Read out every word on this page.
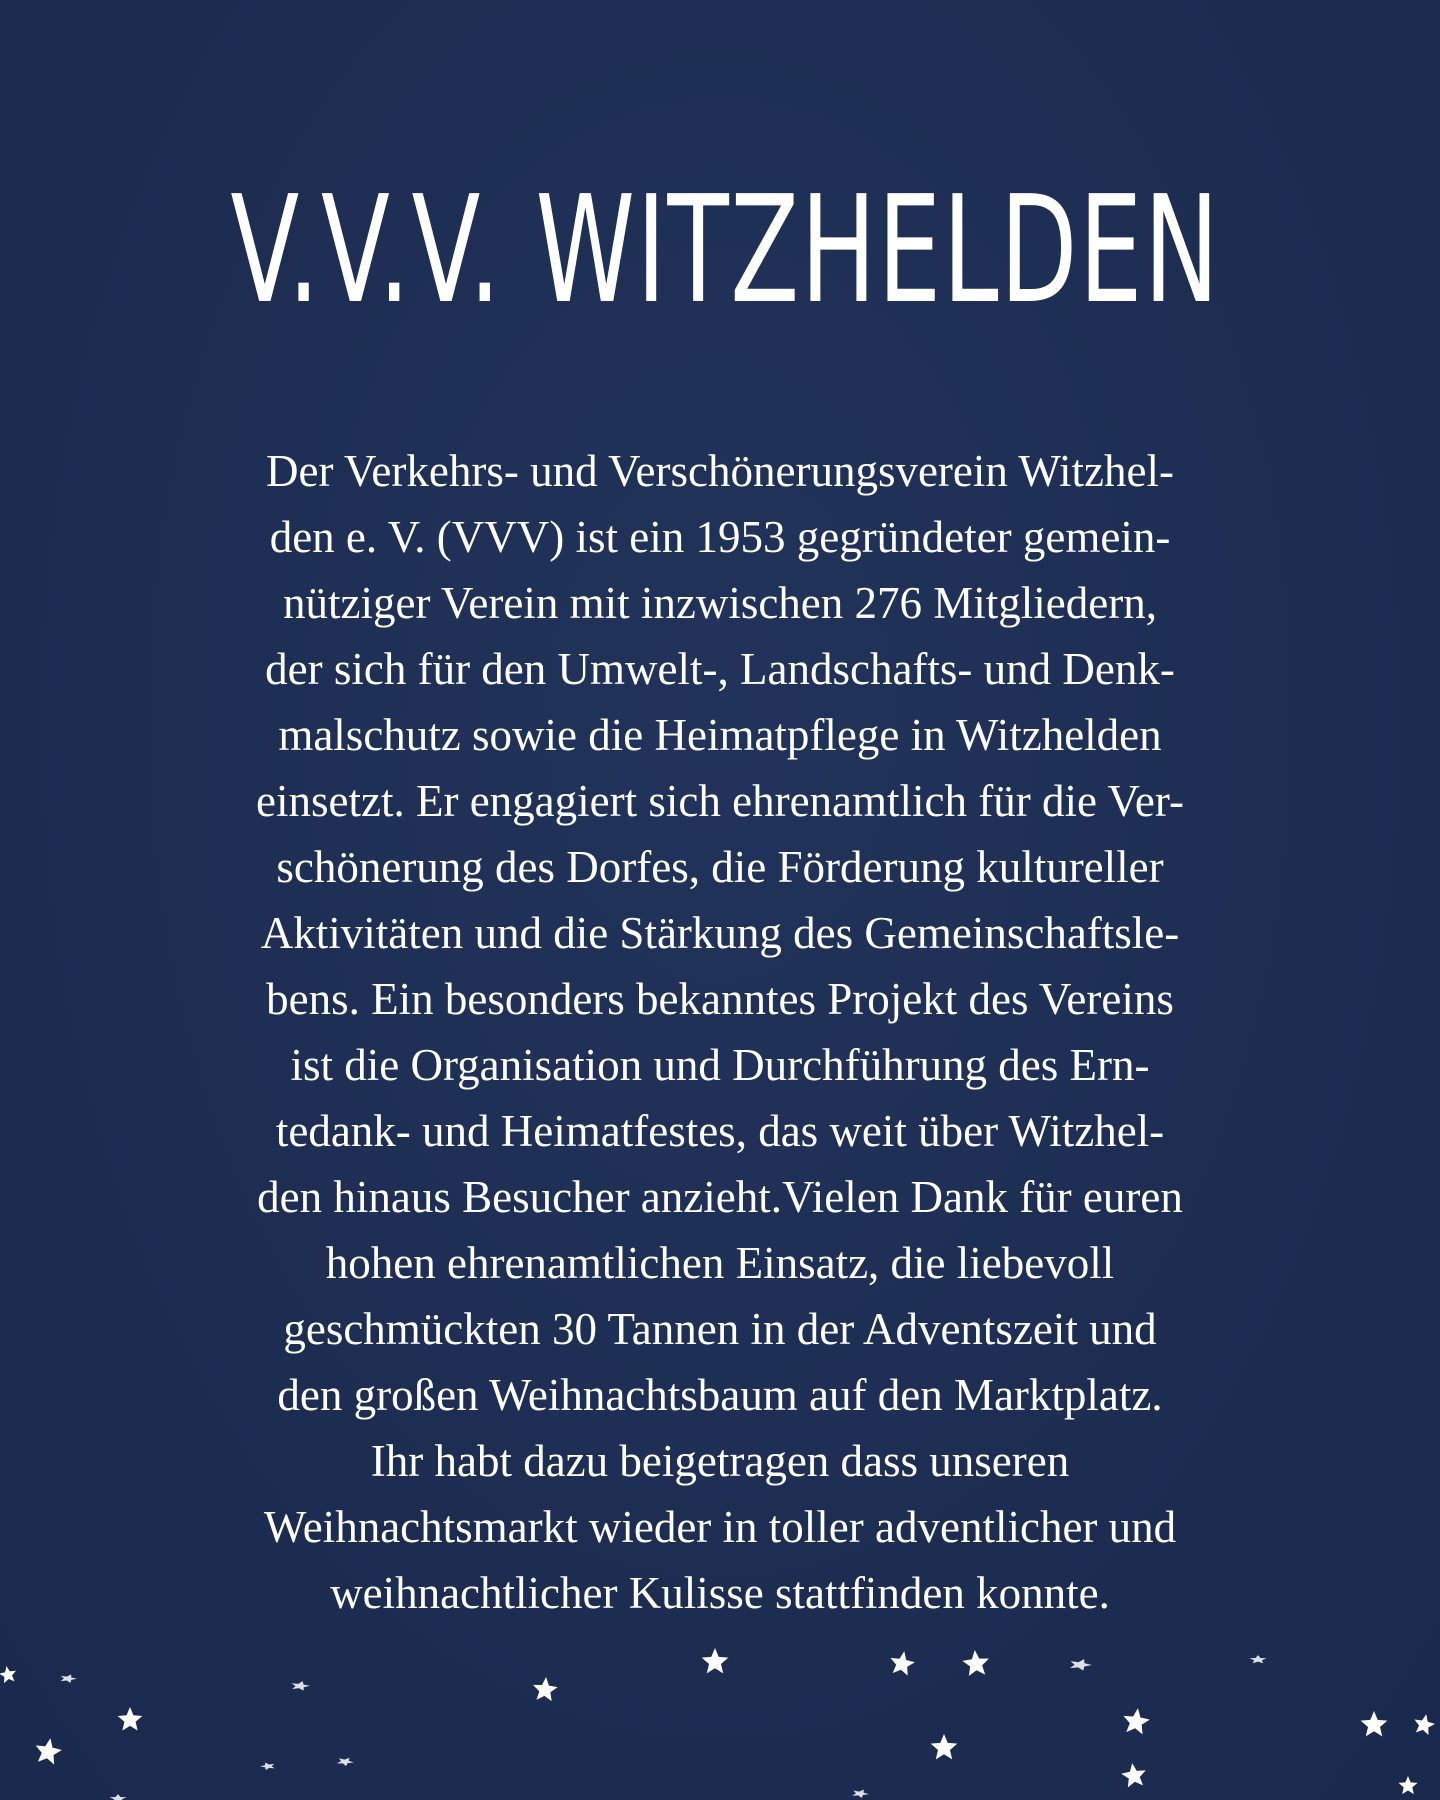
V.V.V. WITZHELDEN

Der Verkehrs- und Verschönerungsverein Witzhel-
den e. V. (VVV) ist ein 1953 gegründeter gemein-
nütziger Verein mit inzwischen 276 Mitgliedern,
der sich für den Umwelt-, Landschafts- und Denk-
malschutz sowie die Heimatpflege in Witzhelden
einsetzt. Er engagiert sich ehrenamtlich für die Ver-
schönerung des Dorfes, die Förderung kultureller
Aktivitäten und die Stärkung des Gemeinschaftsle-
bens. Ein besonders bekanntes Projekt des Vereins
ist die Organisation und Durchführung des Ern-
tedank- und Heimatfestes, das weit über Witzhel-
den hinaus Besucher anzieht.Vielen Dank für euren
hohen ehrenamtlichen Einsatz, die liebevoll
geschmückten 30 Tannen in der Adventszeit und
den großen Weihnachtsbaum auf den Marktplatz.
Ihr habt dazu beigetragen dass unseren
Weihnachtsmarkt wieder in toller adventlicher und
weihnachtlicher Kulisse stattfinden konnte.
